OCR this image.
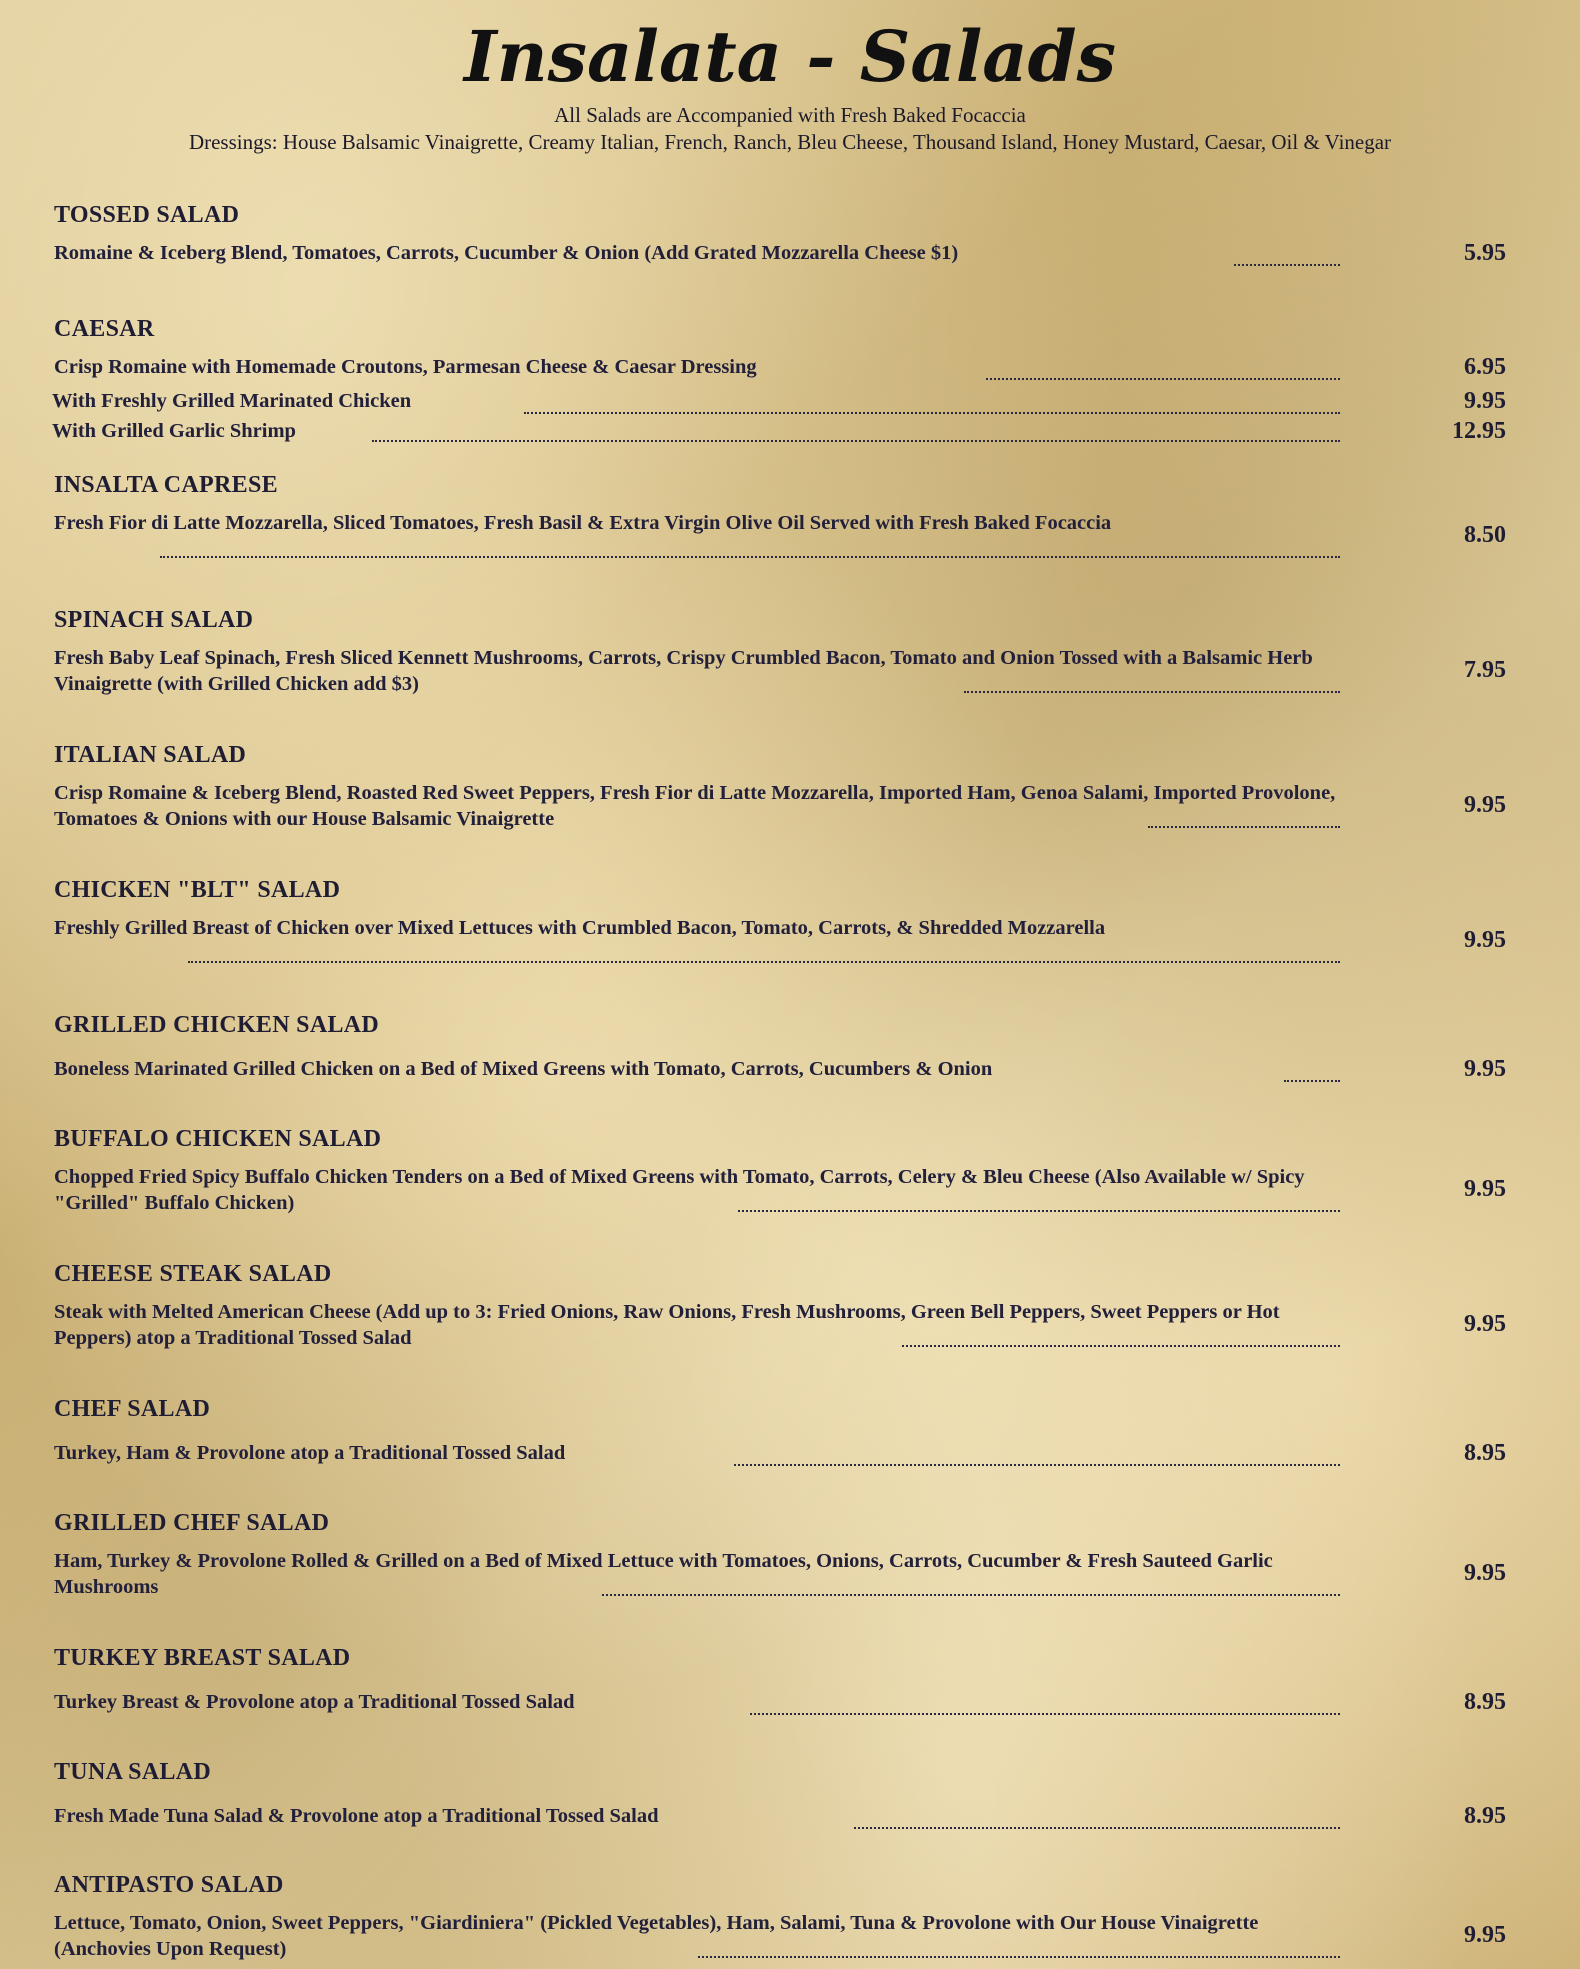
Insalata - Salads

All Salads are Accompanied with Fresh Baked Focaccia

Dressings: House Balsamic Vinaigrette, Creamy Italian, French, Ranch, Bleu Cheese, Thousand Island, Honey Mustard, Caesar, Oil & Vinegar

TOSSED SALAD

Romaine & Iceberg Blend, Tomatoes, Carrots, Cucumber & Onion (Add Grated Mozzarella Cheese $1)	5.95

CAESAR

Crisp Romaine with Homemade Croutons, Parmesan Cheese & Caesar Dressing	6.95
With Freshly Grilled Marinated Chicken	9.95
With Grilled Garlic Shrimp	12.95

INSALTA CAPRESE

Fresh Fior di Latte Mozzarella, Sliced Tomatoes, Fresh Basil & Extra Virgin Olive Oil Served with Fresh Baked Focaccia	8.50

SPINACH SALAD

Fresh Baby Leaf Spinach, Fresh Sliced Kennett Mushrooms, Carrots, Crispy Crumbled Bacon, Tomato and Onion Tossed with a Balsamic Herb Vinaigrette (with Grilled Chicken add $3)
7.95

ITALIAN SALAD

Crisp Romaine & Iceberg Blend, Roasted Red Sweet Peppers, Fresh Fior di Latte Mozzarella, Imported Ham, Genoa Salami, Imported Provolone, Tomatoes & Onions with our House Balsamic Vinaigrette
9.95

CHICKEN "BLT" SALAD

Freshly Grilled Breast of Chicken over Mixed Lettuces with Crumbled Bacon, Tomato, Carrots, & Shredded Mozzarella	9.95

GRILLED CHICKEN SALAD

Boneless Marinated Grilled Chicken on a Bed of Mixed Greens with Tomato, Carrots, Cucumbers & Onion	9.95

BUFFALO CHICKEN SALAD

Chopped Fried Spicy Buffalo Chicken Tenders on a Bed of Mixed Greens with Tomato, Carrots, Celery & Bleu Cheese (Also Available w/ Spicy "Grilled" Buffalo Chicken)
9.95

CHEESE STEAK SALAD

Steak with Melted American Cheese (Add up to 3: Fried Onions, Raw Onions, Fresh Mushrooms, Green Bell Peppers, Sweet Peppers or Hot Peppers) atop a Traditional Tossed Salad
9.95

CHEF SALAD

Turkey, Ham & Provolone atop a Traditional Tossed Salad	8.95

GRILLED CHEF SALAD

Ham, Turkey & Provolone Rolled & Grilled on a Bed of Mixed Lettuce with Tomatoes, Onions, Carrots, Cucumber & Fresh Sauteed Garlic Mushrooms
9.95

TURKEY BREAST SALAD

Turkey Breast & Provolone atop a Traditional Tossed Salad	8.95

TUNA SALAD

Fresh Made Tuna Salad & Provolone atop a Traditional Tossed Salad	8.95

ANTIPASTO SALAD

Lettuce, Tomato, Onion, Sweet Peppers, "Giardiniera" (Pickled Vegetables), Ham, Salami, Tuna & Provolone with Our House Vinaigrette (Anchovies Upon Request)
9.95
